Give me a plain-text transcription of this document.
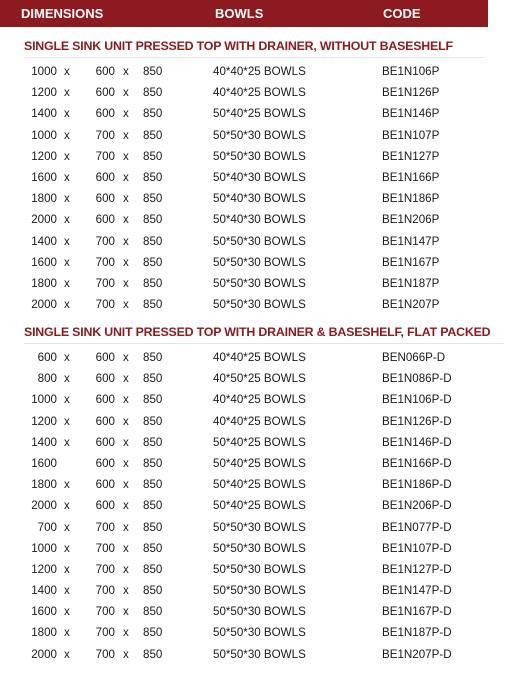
DIMENSIONS	BOWLS	CODE
SINGLE SINK UNIT PRESSED TOP WITH DRAINER, WITHOUT BASESHELF
1000 x	600 x 850	40*40*25 BOWLS	BE1N106P
1200 x	600 x 850	40*40*25 BOWLS	BE1N126P
1400 x	600 x 850	50*40*25 BOWLS	BE1N146P
1000 x	700 x 850	50*50*30 BOWLS	BE1N107P
1200 x	700 x 850	50*50*30 BOWLS	BE1N127P
1600 x	600 x 850	50*40*30 BOWLS	BE1N166P
1800 x	600 x 850	50*40*30 BOWLS	BE1N186P
2000 x	600 x 850	50*40*30 BOWLS	BE1N206P
1400 x	700 x 850	50*50*30 BOWLS	BE1N147P
1600 x	700 x 850	50*50*30 BOWLS	BE1N167P
1800 x	700 x 850	50*50*30 BOWLS	BE1N187P
2000 x	700 x 850	50*50*30 BOWLS	BE1N207P
SINGLE SINK UNIT PRESSED TOP WITH DRAINER & BASESHELF, FLAT PACKED
600 x	600 x 850	40*40*25 BOWLS	BEN066P-D
800 x	600 x 850	40*50*25 BOWLS	BE1N086P-D
1000 x	600 x 850	40*40*25 BOWLS	BE1N106P-D
1200 x	600 x 850	40*40*25 BOWLS	BE1N126P-D
1400 x	600 x 850	50*40*25 BOWLS	BE1N146P-D
1600	600 x 850	50*40*25 BOWLS	BE1N166P-D
1800 x	600 x 850	50*40*25 BOWLS	BE1N186P-D
2000 x	600 x 850	50*40*25 BOWLS	BE1N206P-D
700 x	700 x 850	50*50*30 BOWLS	BE1N077P-D
1000 x	700 x 850	50*50*30 BOWLS	BE1N107P-D
1200 x	700 x 850	50*50*30 BOWLS	BE1N127P-D
1400 x	700 x 850	50*50*30 BOWLS	BE1N147P-D
1600 x	700 x 850	50*50*30 BOWLS	BE1N167P-D
1800 x	700 x 850	50*50*30 BOWLS	BE1N187P-D
2000 x	700 x 850	50*50*30 BOWLS	BE1N207P-D
